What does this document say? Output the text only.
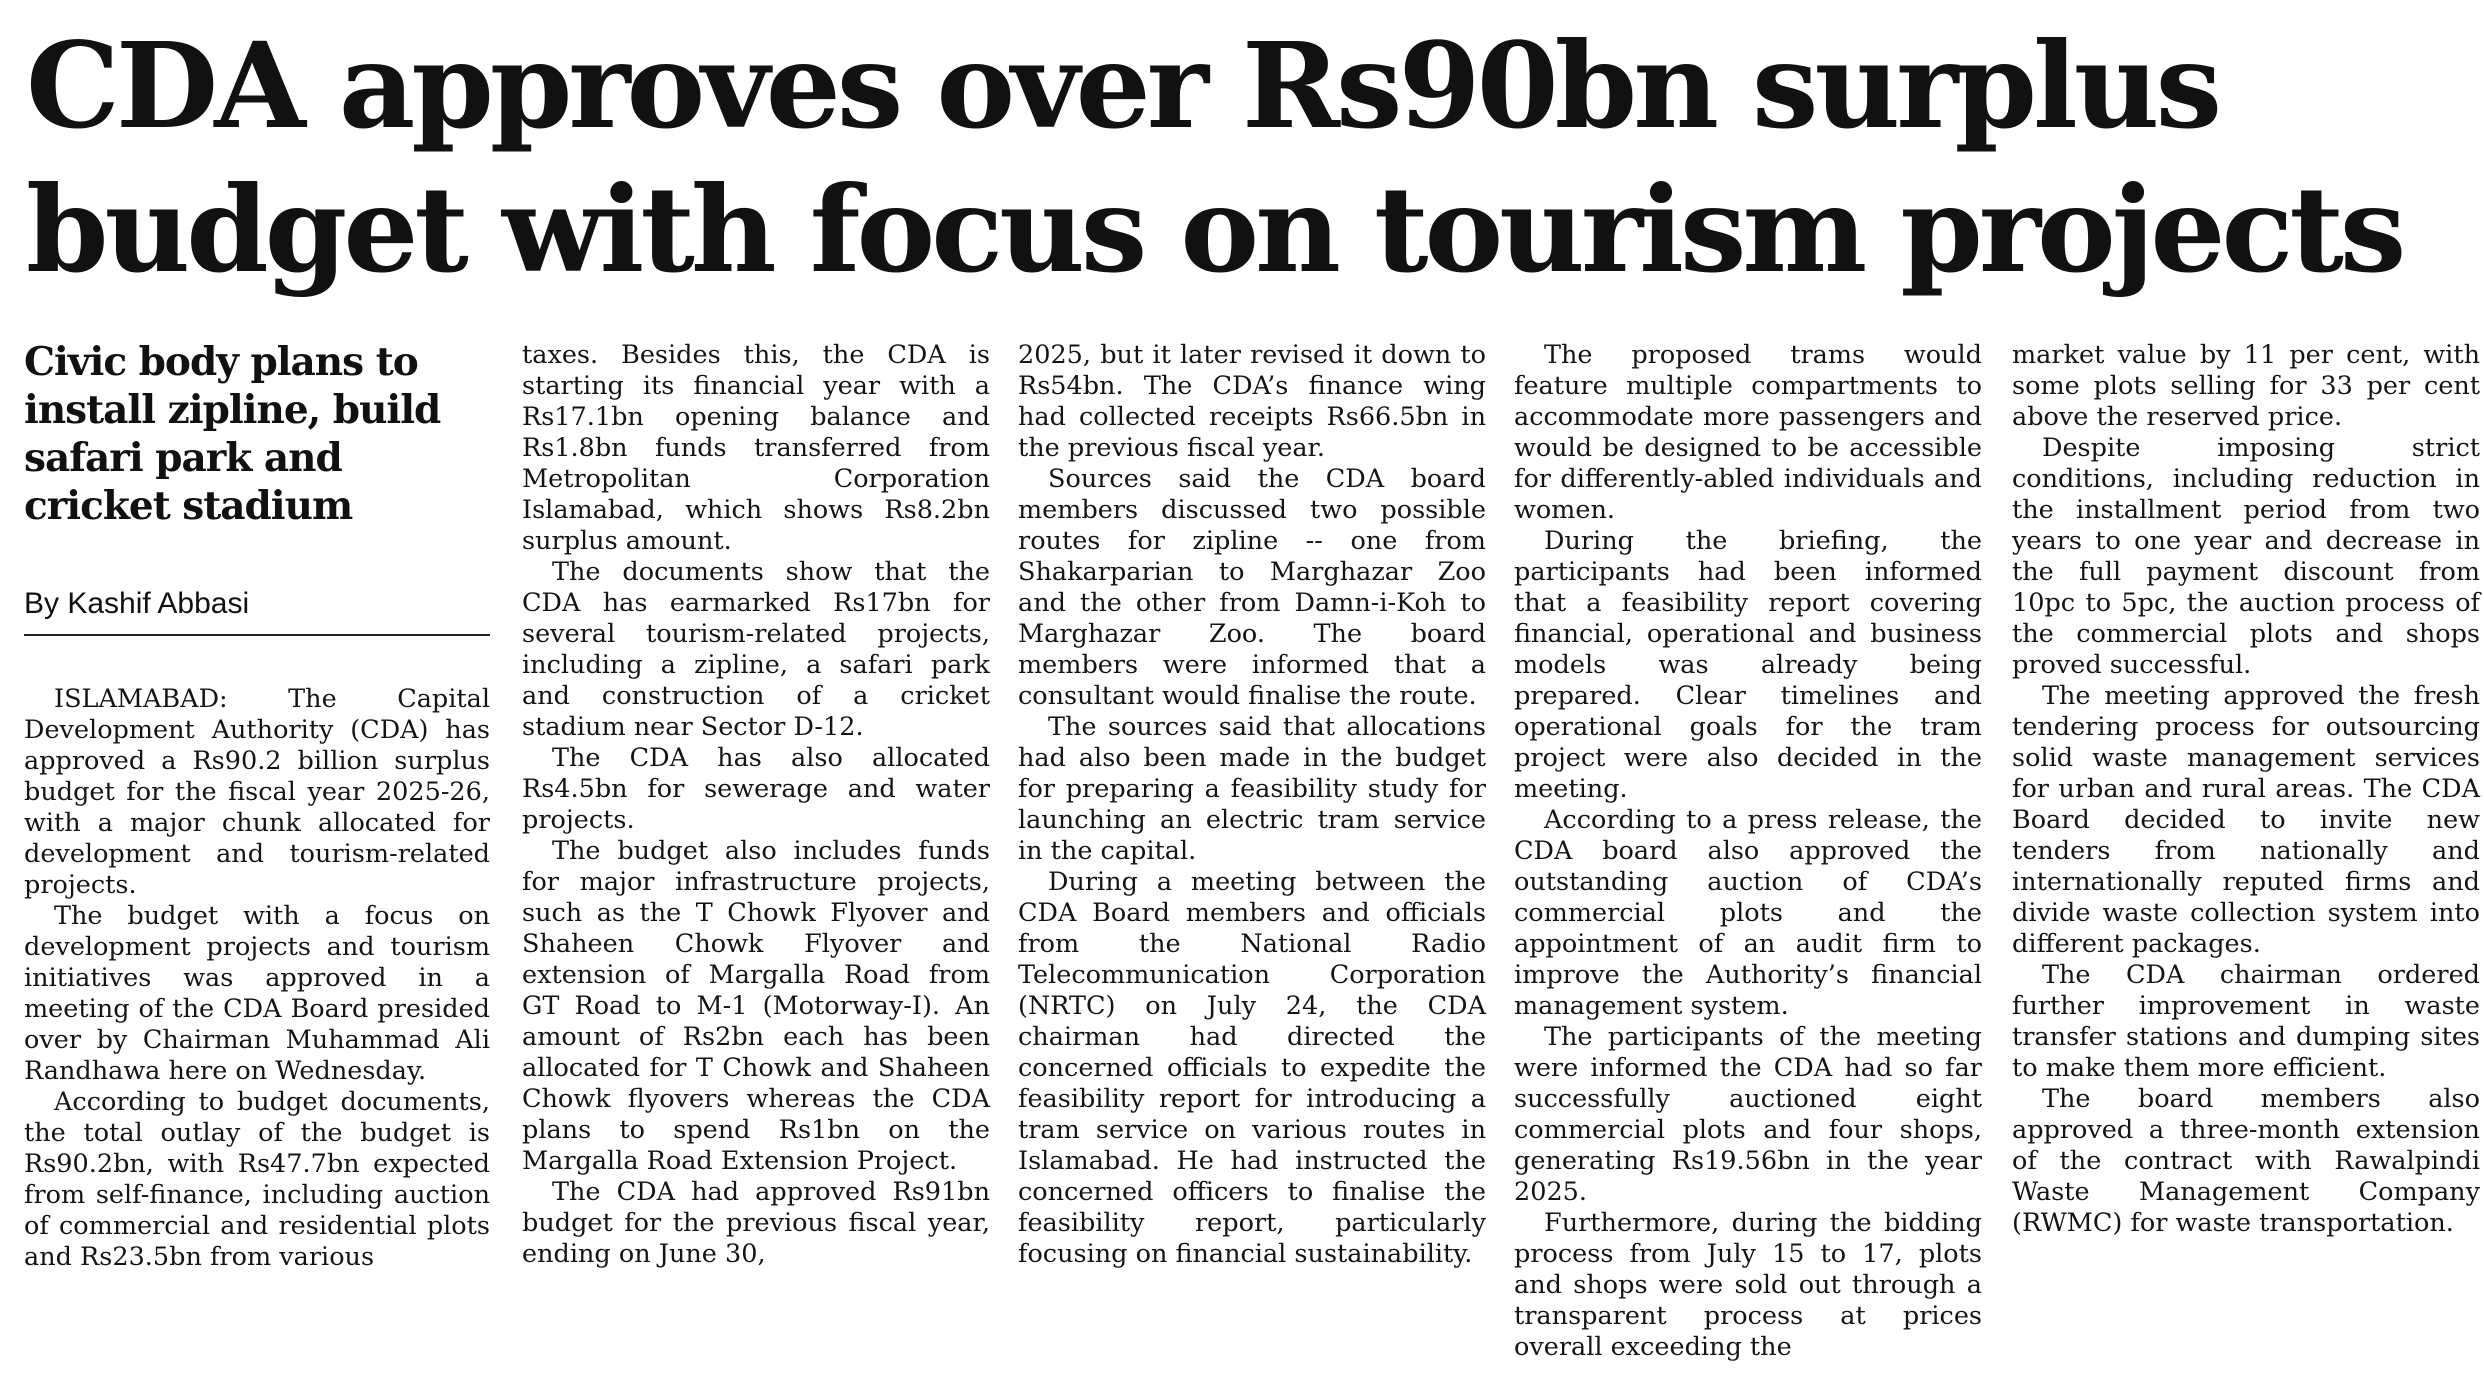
CDA approves over Rs90bn surplus
budget with focus on tourism projects
Civic body plans to
install zipline, build
safari park and
cricket stadium
By Kashif Abbasi

ISLAMABAD: The Capital Development Authority (CDA) has approved a Rs90.2 billion surplus budget for the fiscal year 2025-26, with a major chunk allocated for development and tourism-related projects.

The budget with a focus on development projects and tourism initiatives was approved in a meeting of the CDA Board presided over by Chairman Muhammad Ali Randhawa here on Wednesday.

According to budget documents, the total outlay of the budget is Rs90.2bn, with Rs47.7bn expected from self-finance, including auction of commercial and residential plots and Rs23.5bn from various

taxes. Besides this, the CDA is starting its financial year with a Rs17.1bn opening balance and Rs1.8bn funds transferred from Metropolitan Corporation Islamabad, which shows Rs8.2bn surplus amount.

The documents show that the CDA has earmarked Rs17bn for several tourism-related projects, including a zipline, a safari park and construction of a cricket stadium near Sector D-12.

The CDA has also allocated Rs4.5bn for sewerage and water projects.

The budget also includes funds for major infrastructure projects, such as the T Chowk Flyover and Shaheen Chowk Flyover and extension of Margalla Road from GT Road to M-1 (Motorway-I). An amount of Rs2bn each has been allocated for T Chowk and Shaheen Chowk flyovers whereas the CDA plans to spend Rs1bn on the Margalla Road Extension Project.

The CDA had approved Rs91bn budget for the previous fiscal year, ending on June 30,

2025, but it later revised it down to Rs54bn. The CDA’s finance wing had collected receipts Rs66.5bn in the previous fiscal year.

Sources said the CDA board members discussed two possible routes for zipline -- one from Shakarparian to Marghazar Zoo and the other from Damn-i-Koh to Marghazar Zoo. The board members were informed that a consultant would finalise the route.

The sources said that allocations had also been made in the budget for preparing a feasibility study for launching an electric tram service in the capital.

During a meeting between the CDA Board members and officials from the National Radio Telecommunication Corporation (NRTC) on July 24, the CDA chairman had directed the concerned officials to expedite the feasibility report for introducing a tram service on various routes in Islamabad. He had instructed the concerned officers to finalise the feasibility report, particularly focusing on financial sustainability.

The proposed trams would feature multiple compartments to accommodate more passengers and would be designed to be accessible for differently-abled individuals and women.

During the briefing, the participants had been informed that a feasibility report covering financial, operational and business models was already being prepared. Clear timelines and operational goals for the tram project were also decided in the meeting.

According to a press release, the CDA board also approved the outstanding auction of CDA’s commercial plots and the appointment of an audit firm to improve the Authority’s financial management system.

The participants of the meeting were informed the CDA had so far successfully auctioned eight commercial plots and four shops, generating Rs19.56bn in the year 2025.

Furthermore, during the bidding process from July 15 to 17, plots and shops were sold out through a transparent process at prices overall exceeding the

market value by 11 per cent, with some plots selling for 33 per cent above the reserved price.

Despite imposing strict conditions, including reduction in the installment period from two years to one year and decrease in the full payment discount from 10pc to 5pc, the auction process of the commercial plots and shops proved successful.

The meeting approved the fresh tendering process for outsourcing solid waste management services for urban and rural areas. The CDA Board decided to invite new tenders from nationally and internationally reputed firms and divide waste collection system into different packages.

The CDA chairman ordered further improvement in waste transfer stations and dumping sites to make them more efficient.

The board members also approved a three-month extension of the contract with Rawalpindi Waste Management Company (RWMC) for waste transportation.
